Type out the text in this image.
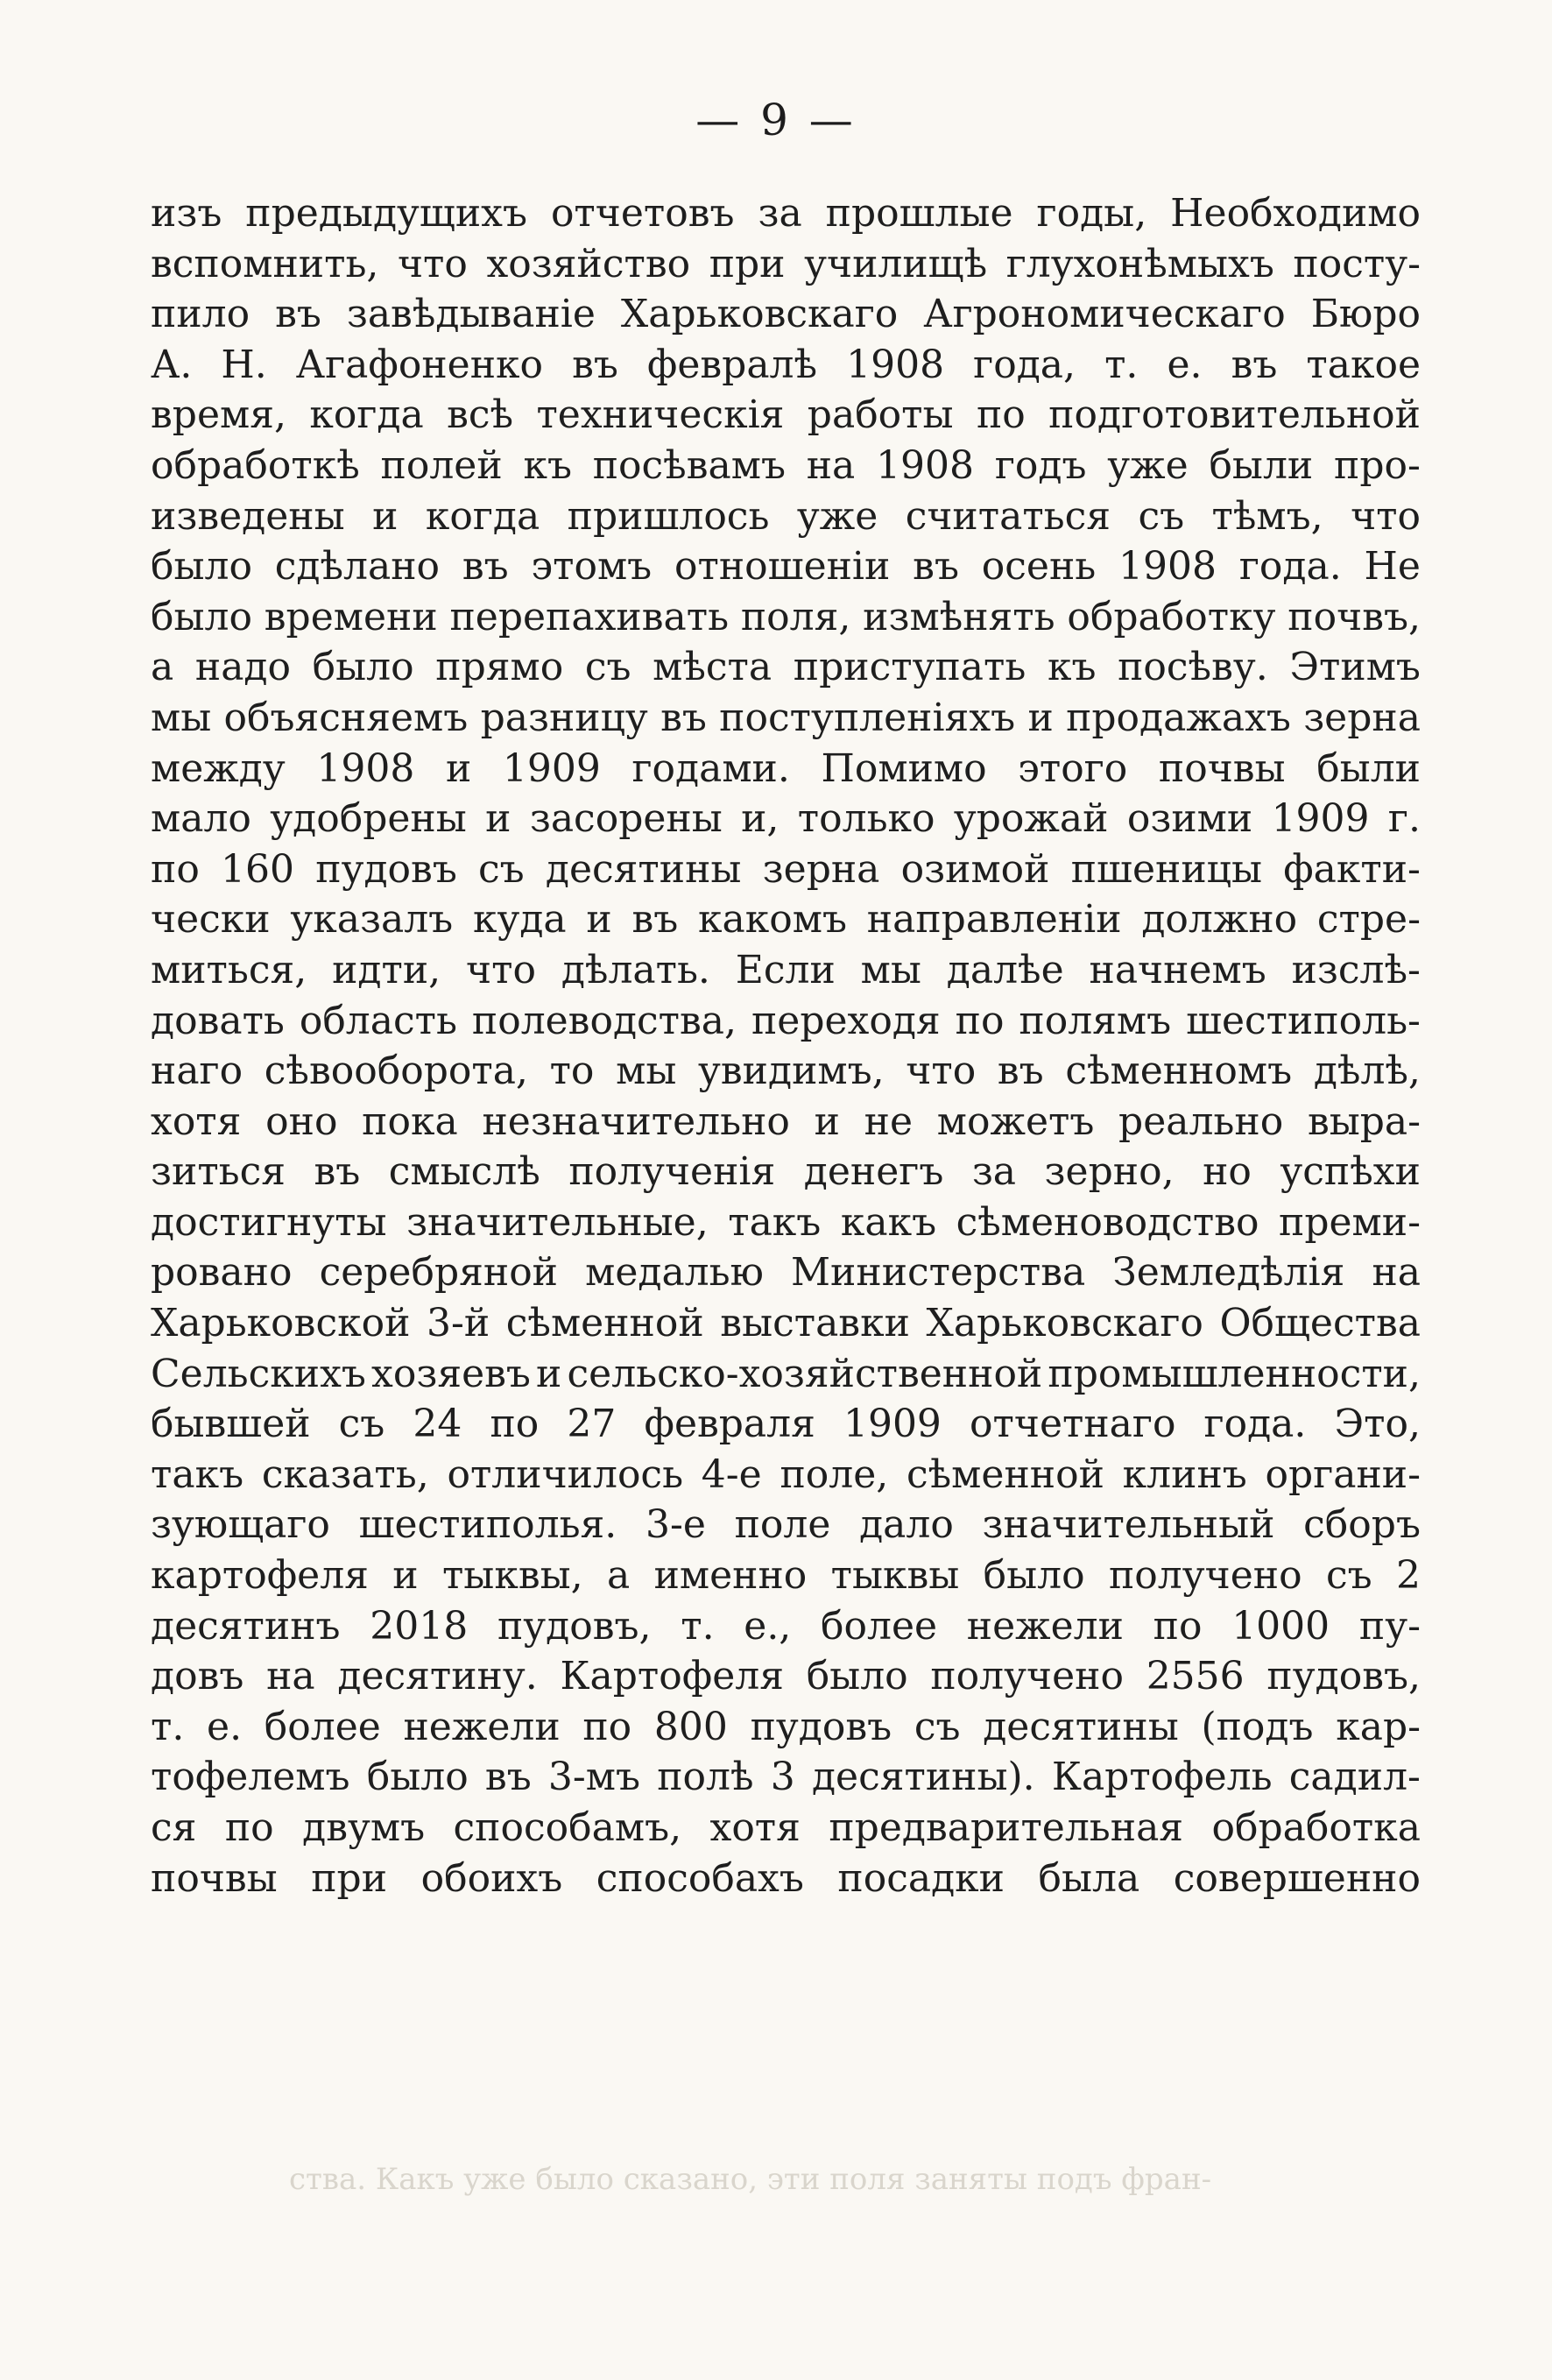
— 9 —
изъ предыдущихъ отчетовъ за прошлые годы, Необходимо
вспомнить, что хозяйство при училищѣ глухонѣмыхъ посту-
пило въ завѣдываніе Харьковскаго Агрономическаго Бюро
А. Н. Агафоненко въ февралѣ 1908 года, т. е. въ такое
время, когда всѣ техническія работы по подготовительной
обработкѣ полей къ посѣвамъ на 1908 годъ уже были про-
изведены и когда пришлось уже считаться съ тѣмъ, что
было сдѣлано въ этомъ отношеніи въ осень 1908 года. Не
было времени перепахивать поля, измѣнять обработку почвъ,
а надо было прямо съ мѣста приступать къ посѣву. Этимъ
мы объясняемъ разницу въ поступленіяхъ и продажахъ зерна
между 1908 и 1909 годами. Помимо этого почвы были
мало удобрены и засорены и, только урожай озими 1909 г.
по 160 пудовъ съ десятины зерна озимой пшеницы факти-
чески указалъ куда и въ какомъ направленіи должно стре-
миться, идти, что дѣлать. Если мы далѣе начнемъ изслѣ-
довать область полеводства, переходя по полямъ шестиполь-
наго сѣвооборота, то мы увидимъ, что въ сѣменномъ дѣлѣ,
хотя оно пока незначительно и не можетъ реально выра-
зиться въ смыслѣ полученія денегъ за зерно, но успѣхи
достигнуты значительные, такъ какъ сѣменоводство преми-
ровано серебряной медалью Министерства Земледѣлія на
Харьковской 3-й сѣменной выставки Харьковскаго Общества
Сельскихъ хозяевъ и сельско-хозяйственной промышленности,
бывшей съ 24 по 27 февраля 1909 отчетнаго года. Это,
такъ сказать, отличилось 4-е поле, сѣменной клинъ органи-
зующаго шестиполья. 3-е поле дало значительный сборъ
картофеля и тыквы, а именно тыквы было получено съ 2
десятинъ 2018 пудовъ, т. е., более нежели по 1000 пу-
довъ на десятину. Картофеля было получено 2556 пудовъ,
т. е. более нежели по 800 пудовъ съ десятины (подъ кар-
тофелемъ было въ 3-мъ полѣ 3 десятины). Картофель садил-
ся по двумъ способамъ, хотя предварительная обработка
почвы при обоихъ способахъ посадки была совершенно
ства. Какъ уже было сказано, эти поля заняты подъ фран-
